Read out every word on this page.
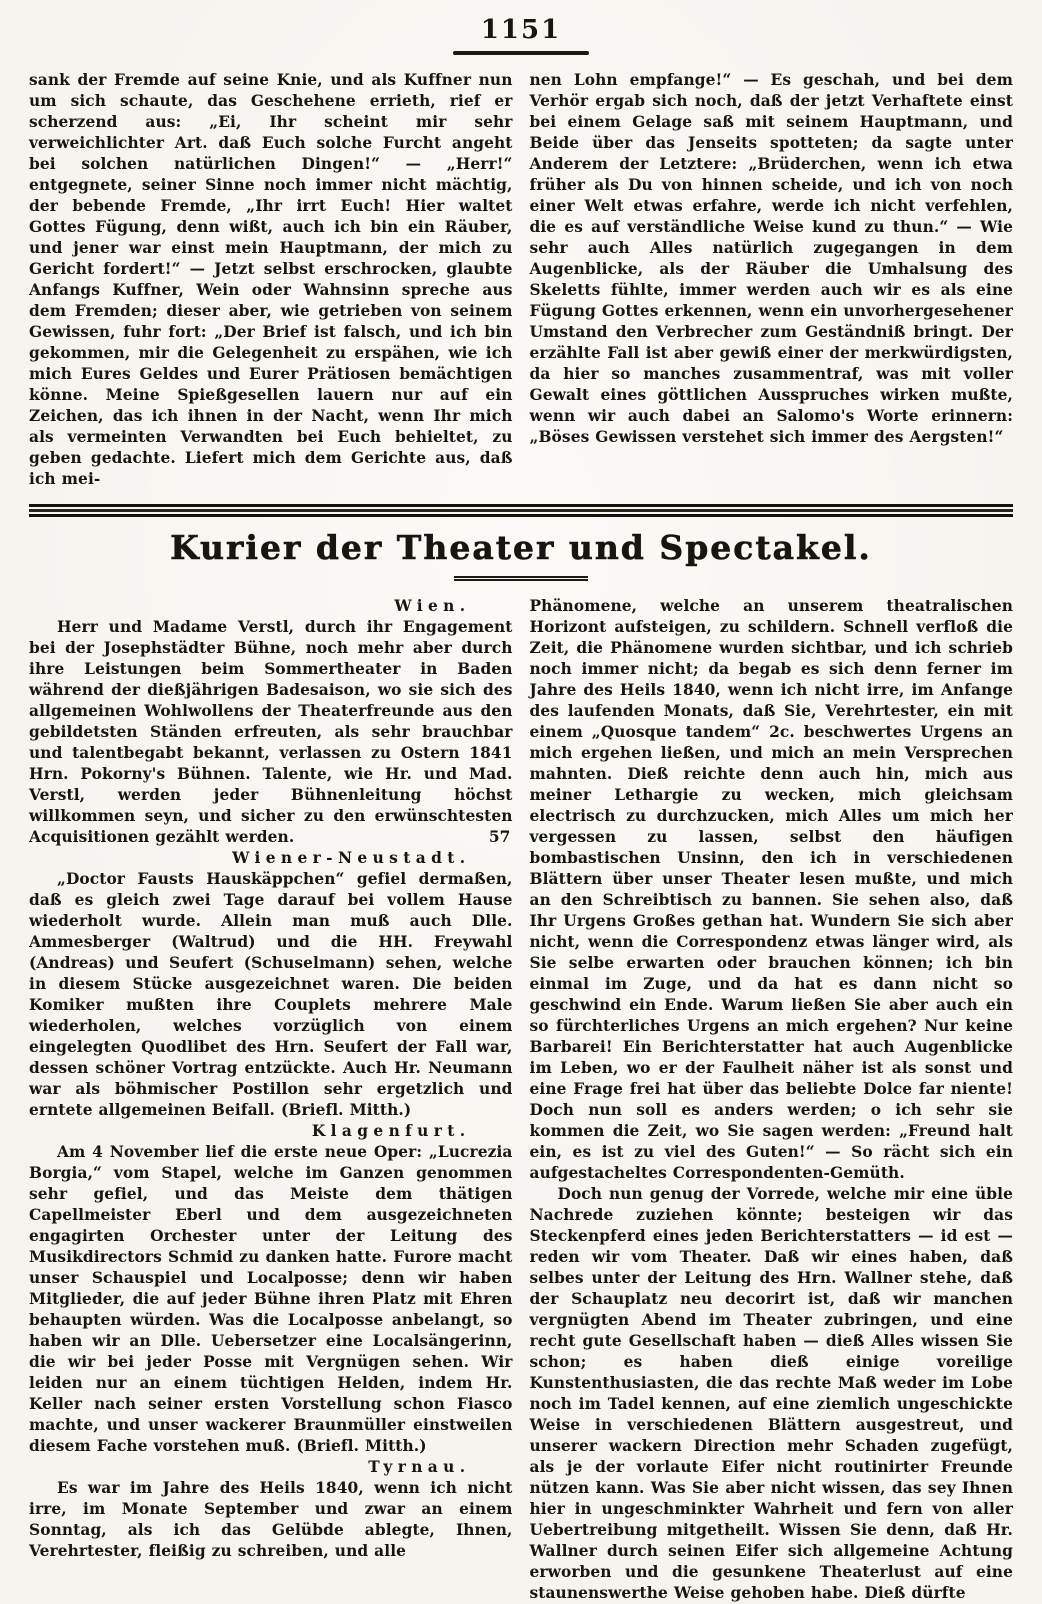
1151

sank der Fremde auf seine Knie, und als Kuffner nun um sich schaute, das Geschehene errieth, rief er scherzend aus: „Ei, Ihr scheint mir sehr verweichlichter Art. daß Euch solche Furcht angeht bei solchen natürlichen Dingen!“ — „Herr!“ entgegnete, seiner Sinne noch immer nicht mächtig, der bebende Fremde, „Ihr irrt Euch! Hier waltet Gottes Fügung, denn wißt, auch ich bin ein Räuber, und jener war einst mein Hauptmann, der mich zu Gericht fordert!“ — Jetzt selbst erschrocken, glaubte Anfangs Kuffner, Wein oder Wahnsinn spreche aus dem Fremden; dieser aber, wie getrieben von seinem Gewissen, fuhr fort: „Der Brief ist falsch, und ich bin gekommen, mir die Gelegenheit zu erspähen, wie ich mich Eures Geldes und Eurer Prätiosen bemächtigen könne. Meine Spießgesellen lauern nur auf ein Zeichen, das ich ihnen in der Nacht, wenn Ihr mich als vermeinten Verwandten bei Euch behieltet, zu geben gedachte. Liefert mich dem Gerichte aus, daß ich mei-

nen Lohn empfange!“ — Es geschah, und bei dem Verhör ergab sich noch, daß der jetzt Verhaftete einst bei einem Gelage saß mit seinem Hauptmann, und Beide über das Jenseits spotteten; da sagte unter Anderem der Letztere: „Brüderchen, wenn ich etwa früher als Du von hinnen scheide, und ich von noch einer Welt etwas erfahre, werde ich nicht verfehlen, die es auf verständliche Weise kund zu thun.“ — Wie sehr auch Alles natürlich zugegangen in dem Augenblicke, als der Räuber die Umhalsung des Skeletts fühlte, immer werden auch wir es als eine Fügung Gottes erkennen, wenn ein unvorhergesehener Umstand den Verbrecher zum Geständniß bringt. Der erzählte Fall ist aber gewiß einer der merkwürdigsten, da hier so manches zusammentraf, was mit voller Gewalt eines göttlichen Ausspruches wirken mußte, wenn wir auch dabei an Salomo's Worte erinnern: „Böses Gewissen verstehet sich immer des Aergsten!“

Kurier der Theater und Spectakel.

Wien.

Herr und Madame Verstl, durch ihr Engagement bei der Josephstädter Bühne, noch mehr aber durch ihre Leistungen beim Sommertheater in Baden während der dießjährigen Badesaison, wo sie sich des allgemeinen Wohlwollens der Theaterfreunde aus den gebildetsten Ständen erfreuten, als sehr brauchbar und talentbegabt bekannt, verlassen zu Ostern 1841 Hrn. Pokorny's Bühnen. Talente, wie Hr. und Mad. Verstl, werden jeder Bühnenleitung höchst willkommen seyn, und sicher zu den erwünschtesten Acquisitionen gezählt werden.	57

Wiener-Neustadt.

„Doctor Fausts Hauskäppchen“ gefiel dermaßen, daß es gleich zwei Tage darauf bei vollem Hause wiederholt wurde. Allein man muß auch Dlle. Ammesberger (Waltrud) und die HH. Freywahl (Andreas) und Seufert (Schuselmann) sehen, welche in diesem Stücke ausgezeichnet waren. Die beiden Komiker mußten ihre Couplets mehrere Male wiederholen, welches vorzüglich von einem eingelegten Quodlibet des Hrn. Seufert der Fall war, dessen schöner Vortrag entzückte. Auch Hr. Neumann war als böhmischer Postillon sehr ergetzlich und erntete allgemeinen Beifall. (Briefl. Mitth.)

Klagenfurt.

Am 4 November lief die erste neue Oper: „Lucrezia Borgia,“ vom Stapel, welche im Ganzen genommen sehr gefiel, und das Meiste dem thätigen Capellmeister Eberl und dem ausgezeichneten engagirten Orchester unter der Leitung des Musikdirectors Schmid zu danken hatte. Furore macht unser Schauspiel und Localposse; denn wir haben Mitglieder, die auf jeder Bühne ihren Platz mit Ehren behaupten würden. Was die Localposse anbelangt, so haben wir an Dlle. Uebersetzer eine Localsängerinn, die wir bei jeder Posse mit Vergnügen sehen. Wir leiden nur an einem tüchtigen Helden, indem Hr. Keller nach seiner ersten Vorstellung schon Fiasco machte, und unser wackerer Braunmüller einstweilen diesem Fache vorstehen muß. (Briefl. Mitth.)

Tyrnau.

Es war im Jahre des Heils 1840, wenn ich nicht irre, im Monate September und zwar an einem Sonntag, als ich das Gelübde ablegte, Ihnen, Verehrtester, fleißig zu schreiben, und alle

Phänomene, welche an unserem theatralischen Horizont aufsteigen, zu schildern. Schnell verfloß die Zeit, die Phänomene wurden sichtbar, und ich schrieb noch immer nicht; da begab es sich denn ferner im Jahre des Heils 1840, wenn ich nicht irre, im Anfange des laufenden Monats, daß Sie, Verehrtester, ein mit einem „Quosque tandem“ 2c. beschwertes Urgens an mich ergehen ließen, und mich an mein Versprechen mahnten. Dieß reichte denn auch hin, mich aus meiner Lethargie zu wecken, mich gleichsam electrisch zu durchzucken, mich Alles um mich her vergessen zu lassen, selbst den häufigen bombastischen Unsinn, den ich in verschiedenen Blättern über unser Theater lesen mußte, und mich an den Schreibtisch zu bannen. Sie sehen also, daß Ihr Urgens Großes gethan hat. Wundern Sie sich aber nicht, wenn die Correspondenz etwas länger wird, als Sie selbe erwarten oder brauchen können; ich bin einmal im Zuge, und da hat es dann nicht so geschwind ein Ende. Warum ließen Sie aber auch ein so fürchterliches Urgens an mich ergehen? Nur keine Barbarei! Ein Berichterstatter hat auch Augenblicke im Leben, wo er der Faulheit näher ist als sonst und eine Frage frei hat über das beliebte Dolce far niente! Doch nun soll es anders werden; o ich sehr sie kommen die Zeit, wo Sie sagen werden: „Freund halt ein, es ist zu viel des Guten!“ — So rächt sich ein aufgestacheltes Correspondenten-Gemüth.

Doch nun genug der Vorrede, welche mir eine üble Nachrede zuziehen könnte; besteigen wir das Steckenpferd eines jeden Berichterstatters — id est — reden wir vom Theater. Daß wir eines haben, daß selbes unter der Leitung des Hrn. Wallner stehe, daß der Schauplatz neu decorirt ist, daß wir manchen vergnügten Abend im Theater zubringen, und eine recht gute Gesellschaft haben — dieß Alles wissen Sie schon; es haben dieß einige voreilige Kunstenthusiasten, die das rechte Maß weder im Lobe noch im Tadel kennen, auf eine ziemlich ungeschickte Weise in verschiedenen Blättern ausgestreut, und unserer wackern Direction mehr Schaden zugefügt, als je der vorlaute Eifer nicht routinirter Freunde nützen kann. Was Sie aber nicht wissen, das sey Ihnen hier in ungeschminkter Wahrheit und fern von aller Uebertreibung mitgetheilt. Wissen Sie denn, daß Hr. Wallner durch seinen Eifer sich allgemeine Achtung erworben und die gesunkene Theaterlust auf eine staunenswerthe Weise gehoben habe. Dieß dürfte
